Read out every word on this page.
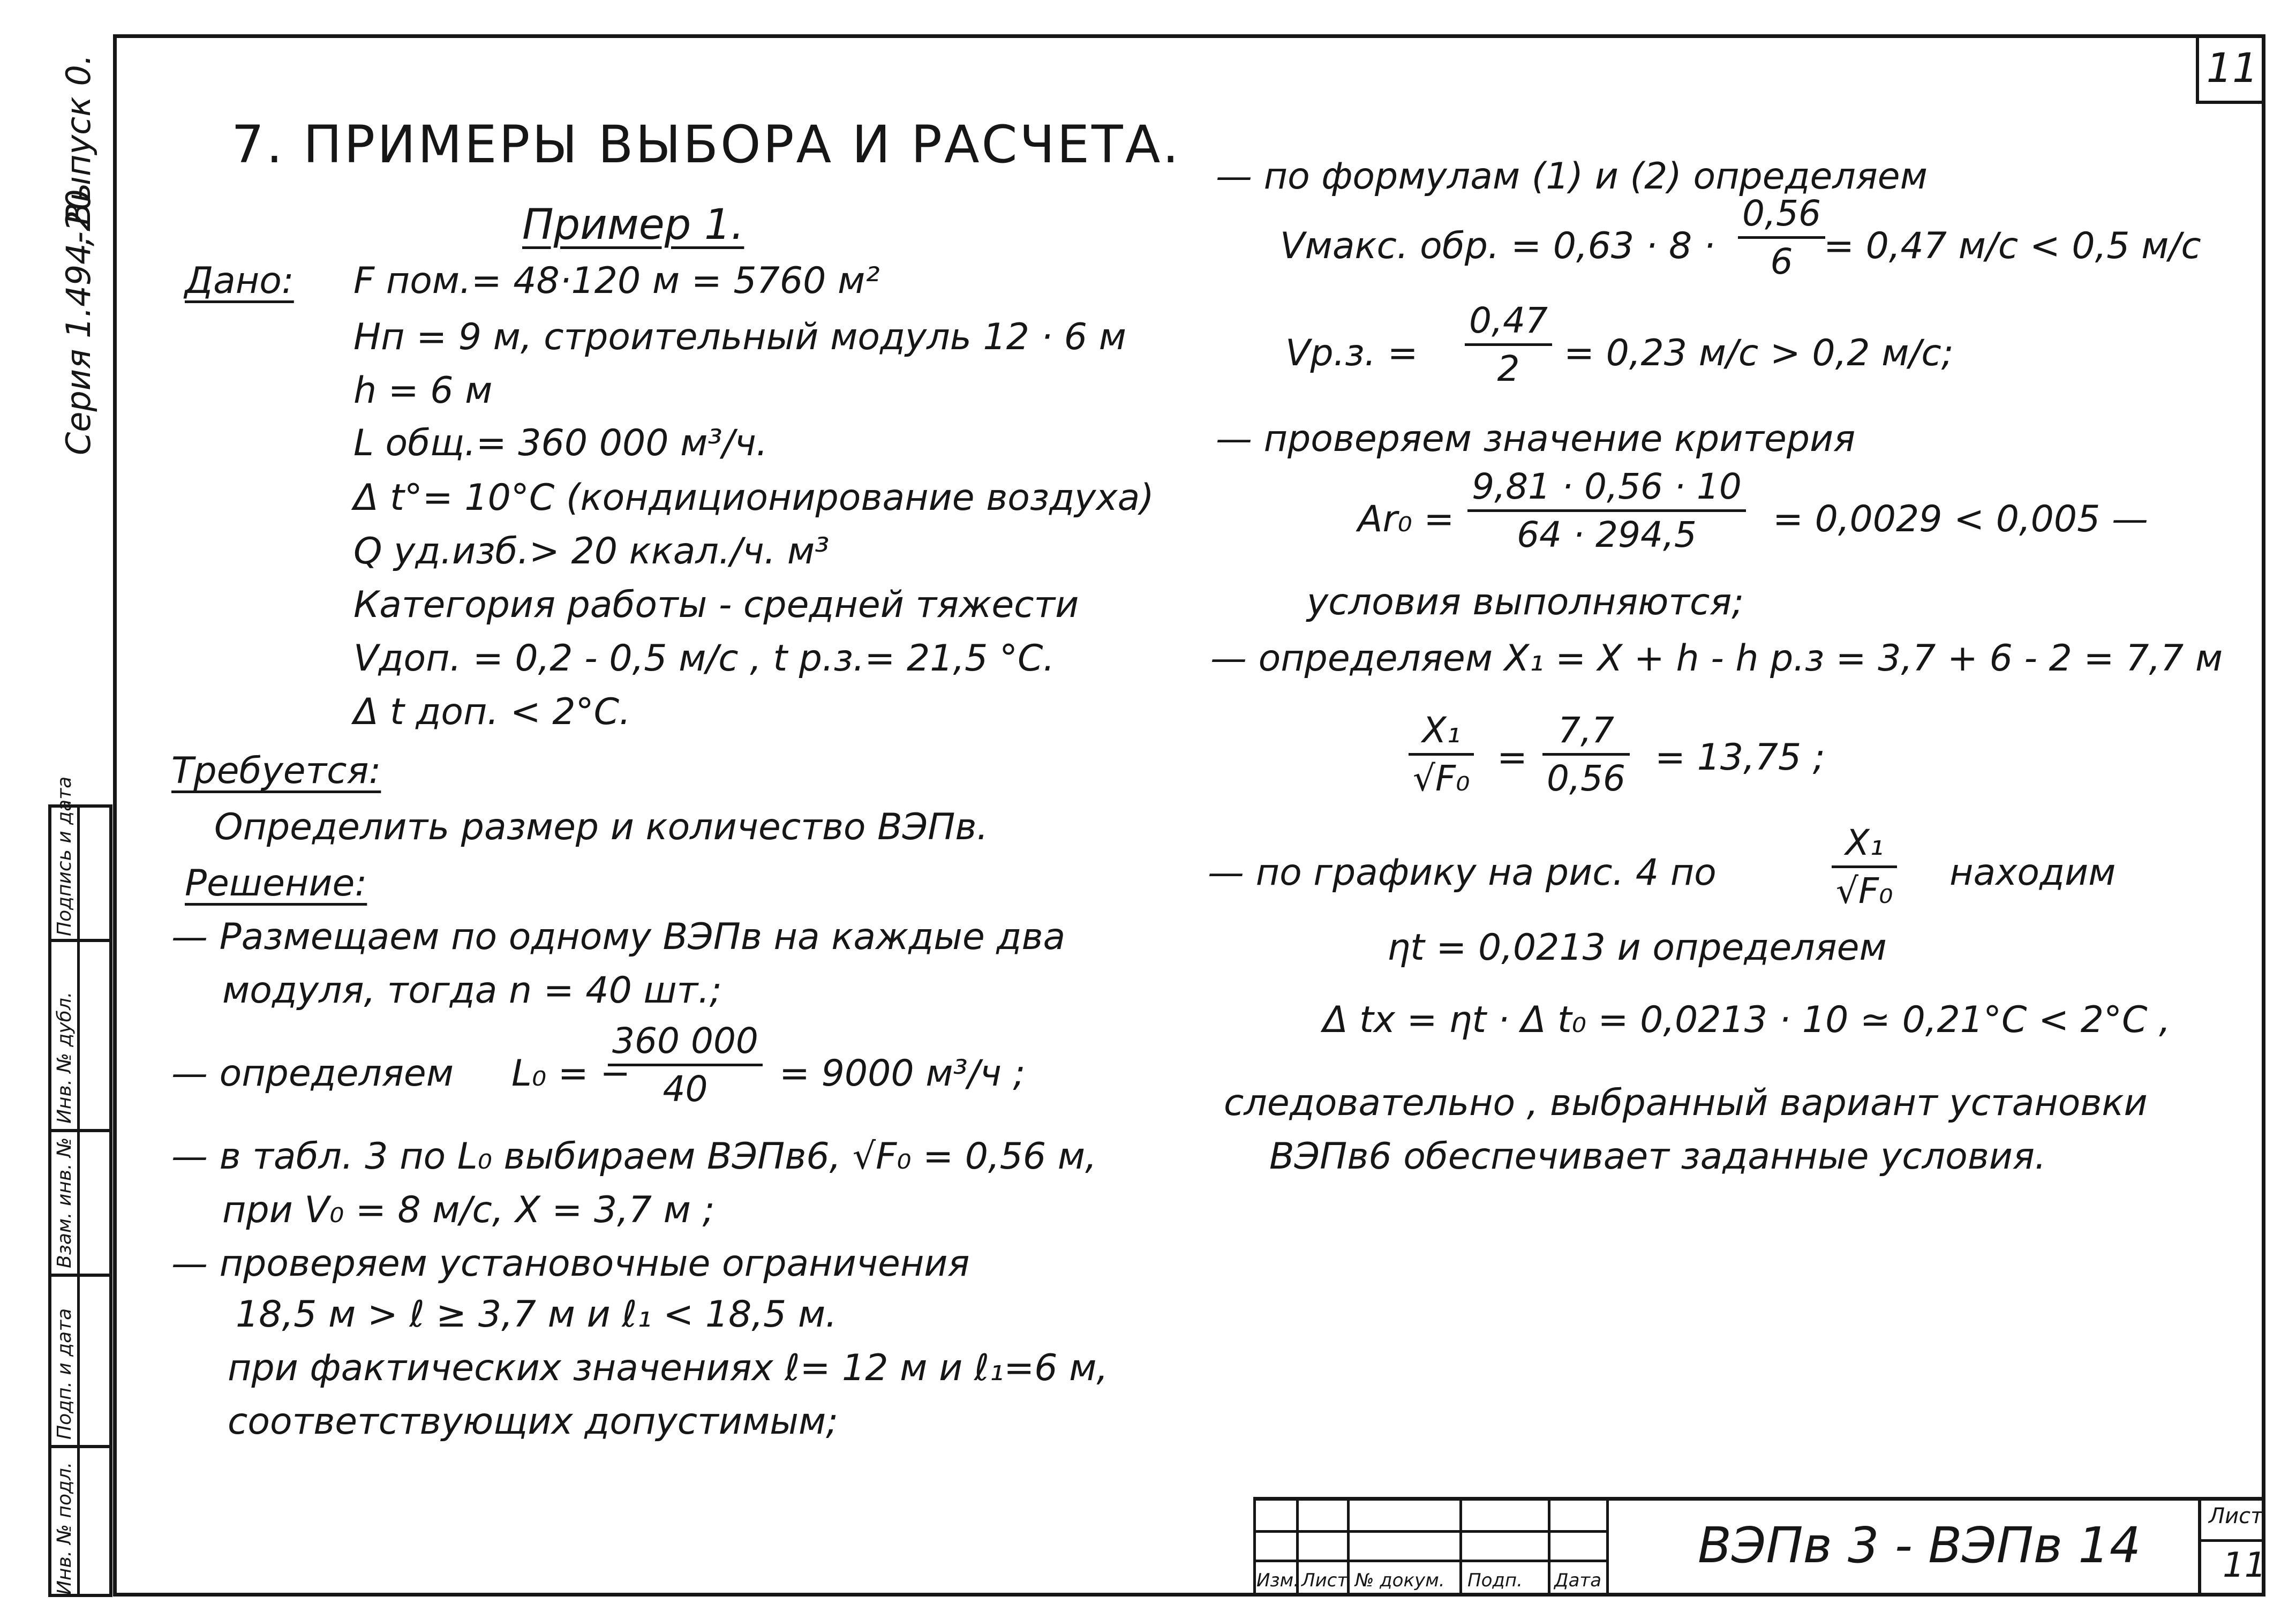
Серия 1.494-20
, Выпуск 0.	11
Инв. № подл.
Подп. и дата
Взам. инв. №
Инв. № дубл.
Подпись и дата
7. ПРИМЕРЫ ВЫБОРА И РАСЧЕТА.
Пример 1.
Дано: F пом.= 48·120 м = 5760 м²
Hп = 9 м, строительный модуль 12 · 6 м
h = 6 м
L общ.= 360 000 м³/ч.
Δ t°= 10°С (кондиционирование воздуха)
Q уд.изб.> 20 ккал./ч. м³
Категория работы - средней тяжести
Vдоп. = 0,2 - 0,5 м/с , t р.з.= 21,5 °С.
Δ t доп. < 2°С.
Требуется:
Определить размер и количество ВЭПв.
Решение:
— Размещаем по одному ВЭПв на каждые два
модуля, тогда n = 40 шт.;
— определяем L₀ = −
360 000
40 = 9000 м³/ч ;
— в табл. 3 по L₀ выбираем ВЭПв6, √F₀ = 0,56 м,
при V₀ = 8 м/с, X = 3,7 м ;
— проверяем установочные ограничения
18,5 м > ℓ ≥ 3,7 м и ℓ₁ < 18,5 м.
при фактических значениях ℓ= 12 м и ℓ₁=6 м,
соответствующих допустимым;
— по формулам (1) и (2) определяем
Vмакс. обр. = 0,63 · 8 ·
0,56
6 = 0,47 м/с < 0,5 м/с
Vр.з. =
0,47
2 = 0,23 м/с > 0,2 м/с;
— проверяем значение критерия
Ar₀ =
9,81 · 0,56 · 10
64 · 294,5 = 0,0029 < 0,005 —
условия выполняются;
— определяем X₁ = X + h - h р.з = 3,7 + 6 - 2 = 7,7 м
X₁
√F₀ =
7,7
0,56 = 13,75 ;
— по графику на рис. 4 по
X₁
√F₀ находим
ηt = 0,0213 и определяем
Δ tx = ηt · Δ t₀ = 0,0213 · 10 ≃ 0,21°С < 2°С ,
следовательно , выбранный вариант установки
ВЭПв6 обеспечивает заданные условия.
Изм. Лист № докум. Подп. Дата
ВЭПв 3 - ВЭПв 14
Лист
11
